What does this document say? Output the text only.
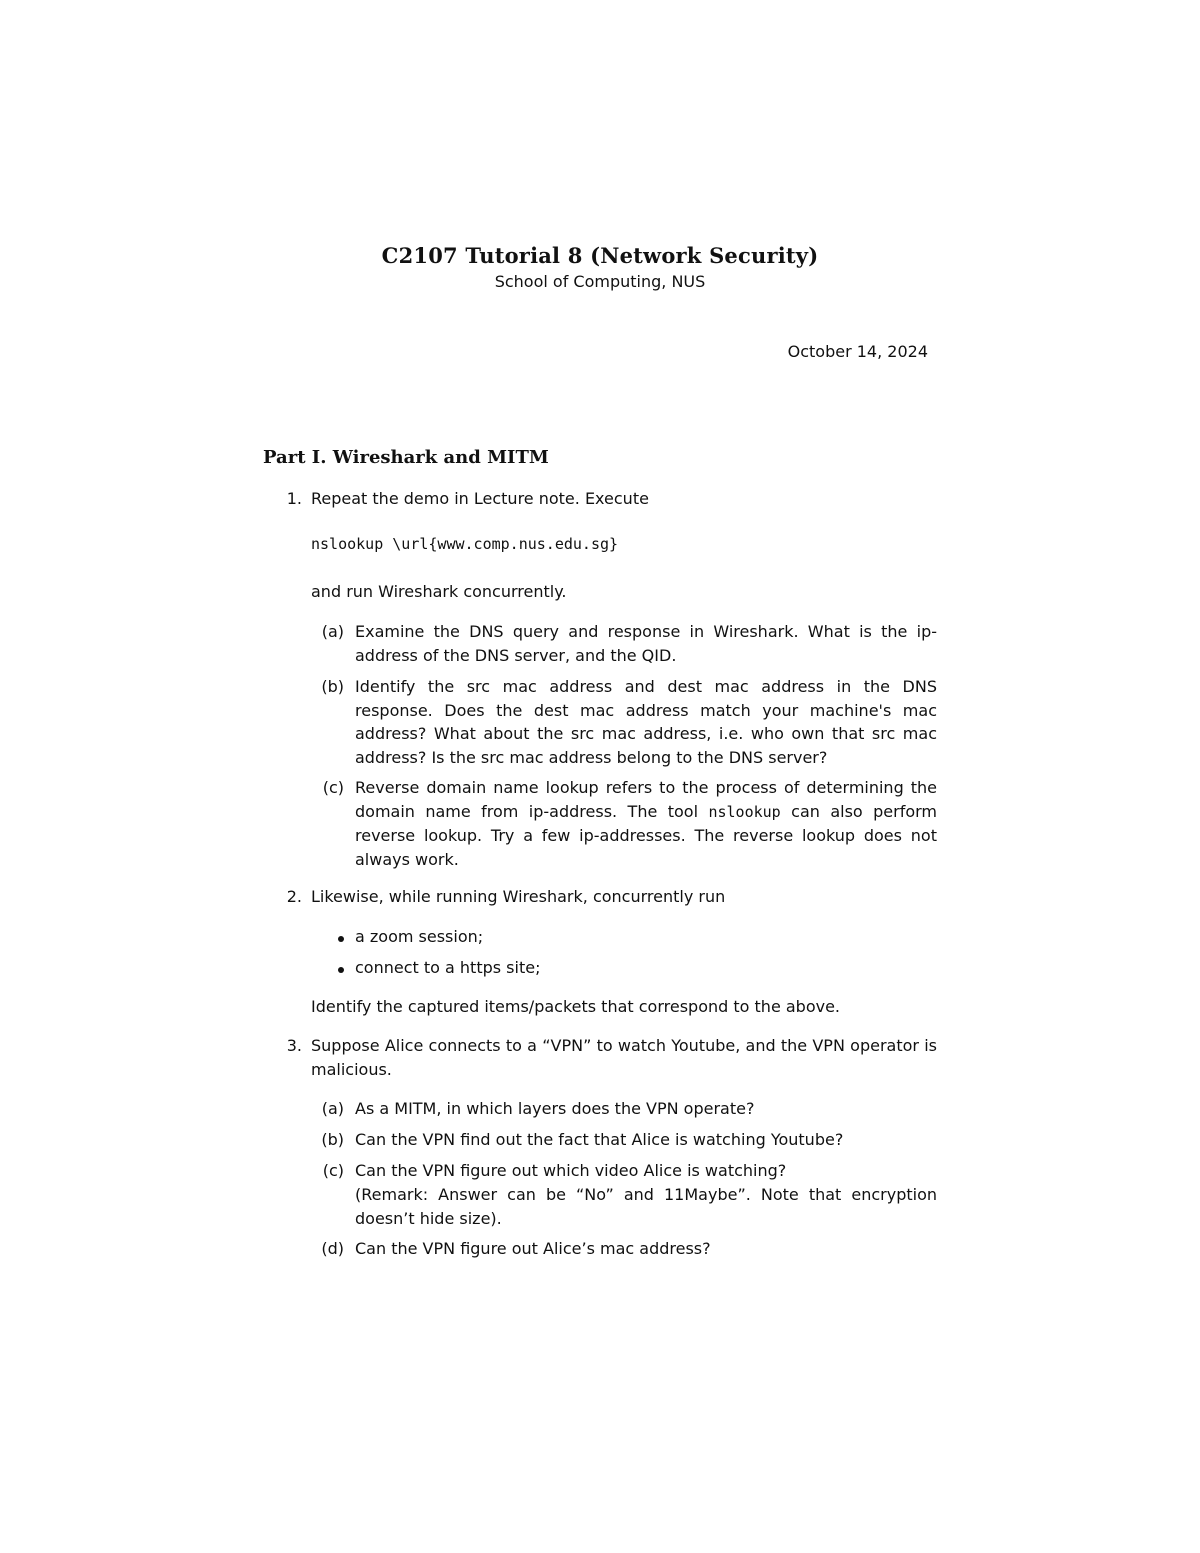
C2107 Tutorial 8 (Network Security)
School of Computing, NUS
October 14, 2024
Part I. Wireshark and MITM
1. Repeat the demo in Lecture note. Execute

nslookup \url{www.comp.nus.edu.sg}

and run Wireshark concurrently.

(a) Examine the DNS query and response in Wireshark. What is the ip-address of the DNS server, and the QID.

(b) Identify the src mac address and dest mac address in the DNS response. Does the dest mac address match your machine's mac address? What about the src mac address, i.e. who own that src mac address? Is the src mac address belong to the DNS server?

(c) Reverse domain name lookup refers to the process of determining the domain name from ip-address. The tool nslookup can also perform reverse lookup. Try a few ip-addresses. The reverse lookup does not always work.

2. Likewise, while running Wireshark, concurrently run

a zoom session;

connect to a https site;

Identify the captured items/packets that correspond to the above.

3. Suppose Alice connects to a “VPN” to watch Youtube, and the VPN operator is malicious.

(a) As a MITM, in which layers does the VPN operate?

(b) Can the VPN find out the fact that Alice is watching Youtube?

(c) Can the VPN figure out which video Alice is watching?

(Remark: Answer can be “No” and 11Maybe”. Note that encryption doesn’t hide size).

(d) Can the VPN figure out Alice’s mac address?
